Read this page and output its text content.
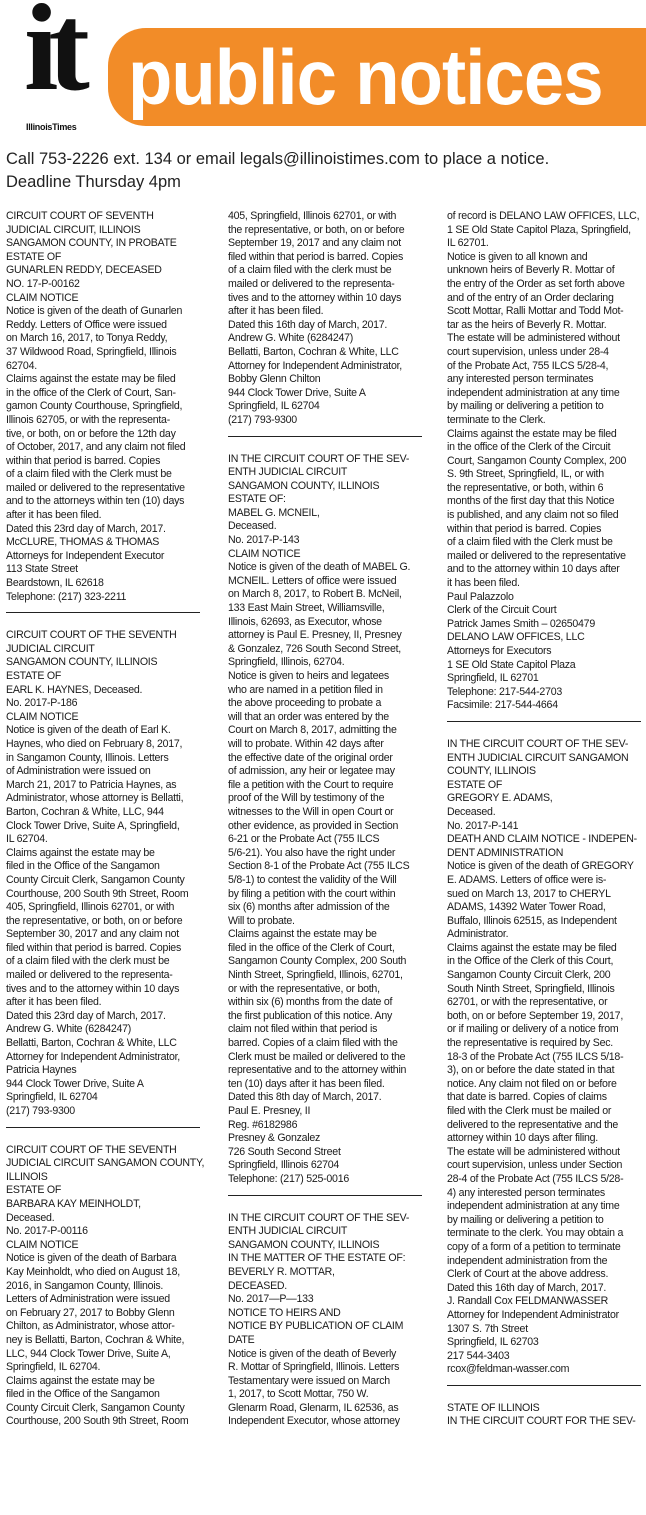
it
IllinoisTimes
public notices
Call 753-2226 ext. 134 or email legals@illinoistimes.com to place a notice.
Deadline Thursday 4pm
CIRCUIT COURT OF SEVENTH
JUDICIAL CIRCUIT, ILLINOIS
SANGAMON COUNTY, IN PROBATE
ESTATE OF
GUNARLEN REDDY, DECEASED
NO. 17-P-00162
CLAIM NOTICE
Notice is given of the death of Gunarlen
Reddy. Letters of Office were issued
on March 16, 2017, to Tonya Reddy,
37 Wildwood Road, Springfield, Illinois
62704.
Claims against the estate may be filed
in the office of the Clerk of Court, San-
gamon County Courthouse, Springfield,
Illinois 62705, or with the representa-
tive, or both, on or before the 12th day
of October, 2017, and any claim not filed
within that period is barred. Copies
of a claim filed with the Clerk must be
mailed or delivered to the representative
and to the attorneys within ten (10) days
after it has been filed.
Dated this 23rd day of March, 2017.
McCLURE, THOMAS & THOMAS
Attorneys for Independent Executor
113 State Street
Beardstown, IL 62618
Telephone: (217) 323-2211
CIRCUIT COURT OF THE SEVENTH
JUDICIAL CIRCUIT
SANGAMON COUNTY, ILLINOIS
ESTATE OF
EARL K. HAYNES, Deceased.
No. 2017-P-186
CLAIM NOTICE
Notice is given of the death of Earl K.
Haynes, who died on February 8, 2017,
in Sangamon County, Illinois. Letters
of Administration were issued on
March 21, 2017 to Patricia Haynes, as
Administrator, whose attorney is Bellatti,
Barton, Cochran & White, LLC, 944
Clock Tower Drive, Suite A, Springfield,
IL 62704.
Claims against the estate may be
filed in the Office of the Sangamon
County Circuit Clerk, Sangamon County
Courthouse, 200 South 9th Street, Room
405, Springfield, Illinois 62701, or with
the representative, or both, on or before
September 30, 2017 and any claim not
filed within that period is barred. Copies
of a claim filed with the clerk must be
mailed or delivered to the representa-
tives and to the attorney within 10 days
after it has been filed.
Dated this 23rd day of March, 2017.
Andrew G. White (6284247)
Bellatti, Barton, Cochran & White, LLC
Attorney for Independent Administrator,
Patricia Haynes
944 Clock Tower Drive, Suite A
Springfield, IL 62704
(217) 793-9300
CIRCUIT COURT OF THE SEVENTH
JUDICIAL CIRCUIT SANGAMON COUNTY,
ILLINOIS
ESTATE OF
BARBARA KAY MEINHOLDT,
Deceased.
No. 2017-P-00116
CLAIM NOTICE
Notice is given of the death of Barbara
Kay Meinholdt, who died on August 18,
2016, in Sangamon County, Illinois.
Letters of Administration were issued
on February 27, 2017 to Bobby Glenn
Chilton, as Administrator, whose attor-
ney is Bellatti, Barton, Cochran & White,
LLC, 944 Clock Tower Drive, Suite A,
Springfield, IL 62704.
Claims against the estate may be
filed in the Office of the Sangamon
County Circuit Clerk, Sangamon County
Courthouse, 200 South 9th Street, Room
405, Springfield, Illinois 62701, or with
the representative, or both, on or before
September 19, 2017 and any claim not
filed within that period is barred. Copies
of a claim filed with the clerk must be
mailed or delivered to the representa-
tives and to the attorney within 10 days
after it has been filed.
Dated this 16th day of March, 2017.
Andrew G. White (6284247)
Bellatti, Barton, Cochran & White, LLC
Attorney for Independent Administrator,
Bobby Glenn Chilton
944 Clock Tower Drive, Suite A
Springfield, IL 62704
(217) 793-9300
IN THE CIRCUIT COURT OF THE SEV-
ENTH JUDICIAL CIRCUIT
SANGAMON COUNTY, ILLINOIS
ESTATE OF:
MABEL G. MCNEIL,
Deceased.
No. 2017-P-143
CLAIM NOTICE
Notice is given of the death of MABEL G.
MCNEIL. Letters of office were issued
on March 8, 2017, to Robert B. McNeil,
133 East Main Street, Williamsville,
Illinois, 62693, as Executor, whose
attorney is Paul E. Presney, II, Presney
& Gonzalez, 726 South Second Street,
Springfield, Illinois, 62704.
Notice is given to heirs and legatees
who are named in a petition filed in
the above proceeding to probate a
will that an order was entered by the
Court on March 8, 2017, admitting the
will to probate. Within 42 days after
the effective date of the original order
of admission, any heir or legatee may
file a petition with the Court to require
proof of the Will by testimony of the
witnesses to the Will in open Court or
other evidence, as provided in Section
6-21 or the Probate Act (755 ILCS
5/6-21). You also have the right under
Section 8-1 of the Probate Act (755 ILCS
5/8-1) to contest the validity of the Will
by filing a petition with the court within
six (6) months after admission of the
Will to probate.
Claims against the estate may be
filed in the office of the Clerk of Court,
Sangamon County Complex, 200 South
Ninth Street, Springfield, Illinois, 62701,
or with the representative, or both,
within six (6) months from the date of
the first publication of this notice. Any
claim not filed within that period is
barred. Copies of a claim filed with the
Clerk must be mailed or delivered to the
representative and to the attorney within
ten (10) days after it has been filed.
Dated this 8th day of March, 2017.
Paul E. Presney, II
Reg. #6182986
Presney & Gonzalez
726 South Second Street
Springfield, Illinois 62704
Telephone: (217) 525-0016
IN THE CIRCUIT COURT OF THE SEV-
ENTH JUDICIAL CIRCUIT
SANGAMON COUNTY, ILLINOIS
IN THE MATTER OF THE ESTATE OF:
BEVERLY R. MOTTAR,
DECEASED.
No. 2017—P—133
NOTICE TO HEIRS AND
NOTICE BY PUBLICATION OF CLAIM
DATE
Notice is given of the death of Beverly
R. Mottar of Springfield, Illinois. Letters
Testamentary were issued on March
1, 2017, to Scott Mottar, 750 W.
Glenarm Road, Glenarm, IL 62536, as
Independent Executor, whose attorney
of record is DELANO LAW OFFICES, LLC,
1 SE Old State Capitol Plaza, Springfield,
IL 62701.
Notice is given to all known and
unknown heirs of Beverly R. Mottar of
the entry of the Order as set forth above
and of the entry of an Order declaring
Scott Mottar, Ralli Mottar and Todd Mot-
tar as the heirs of Beverly R. Mottar.
The estate will be administered without
court supervision, unless under 28-4
of the Probate Act, 755 ILCS 5/28-4,
any interested person terminates
independent administration at any time
by mailing or delivering a petition to
terminate to the Clerk.
Claims against the estate may be filed
in the office of the Clerk of the Circuit
Court, Sangamon County Complex, 200
S. 9th Street, Springfield, IL, or with
the representative, or both, within 6
months of the first day that this Notice
is published, and any claim not so filed
within that period is barred. Copies
of a claim filed with the Clerk must be
mailed or delivered to the representative
and to the attorney within 10 days after
it has been filed.
Paul Palazzolo
Clerk of the Circuit Court
Patrick James Smith – 02650479
DELANO LAW OFFICES, LLC
Attorneys for Executors
1 SE Old State Capitol Plaza
Springfield, IL 62701
Telephone: 217-544-2703
Facsimile: 217-544-4664
IN THE CIRCUIT COURT OF THE SEV-
ENTH JUDICIAL CIRCUIT SANGAMON
COUNTY, ILLINOIS
ESTATE OF
GREGORY E. ADAMS,
Deceased.
No. 2017-P-141
DEATH AND CLAIM NOTICE - INDEPEN-
DENT ADMINISTRATION
Notice is given of the death of GREGORY
E. ADAMS. Letters of office were is-
sued on March 13, 2017 to CHERYL
ADAMS, 14392 Water Tower Road,
Buffalo, Illinois 62515, as Independent
Administrator.
Claims against the estate may be filed
in the Office of the Clerk of this Court,
Sangamon County Circuit Clerk, 200
South Ninth Street, Springfield, Illinois
62701, or with the representative, or
both, on or before September 19, 2017,
or if mailing or delivery of a notice from
the representative is required by Sec.
18-3 of the Probate Act (755 ILCS 5/18-
3), on or before the date stated in that
notice. Any claim not filed on or before
that date is barred. Copies of claims
filed with the Clerk must be mailed or
delivered to the representative and the
attorney within 10 days after filing.
The estate will be administered without
court supervision, unless under Section
28-4 of the Probate Act (755 ILCS 5/28-
4) any interested person terminates
independent administration at any time
by mailing or delivering a petition to
terminate to the clerk. You may obtain a
copy of a form of a petition to terminate
independent administration from the
Clerk of Court at the above address.
Dated this 16th day of March, 2017.
J. Randall Cox FELDMANWASSER
Attorney for Independent Administrator
1307 S. 7th Street
Springfield, IL 62703
217 544-3403
rcox@feldman-wasser.com
STATE OF ILLINOIS
IN THE CIRCUIT COURT FOR THE SEV-
